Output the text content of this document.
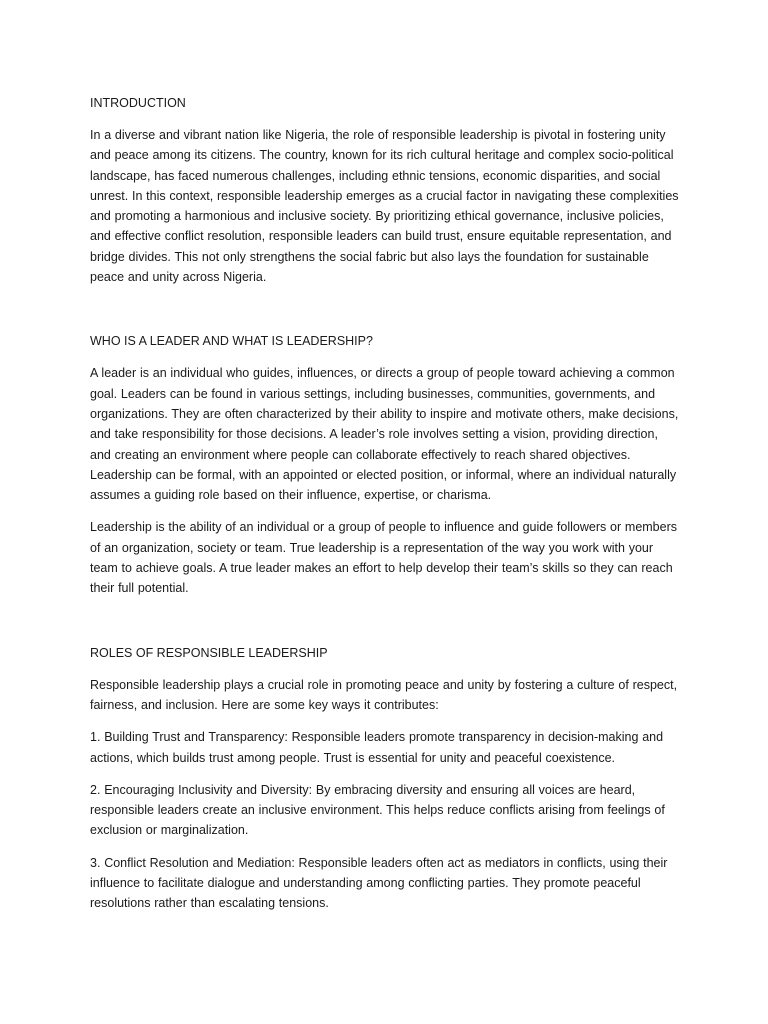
INTRODUCTION

In a diverse and vibrant nation like Nigeria, the role of responsible leadership is pivotal in fostering unity and peace among its citizens. The country, known for its rich cultural heritage and complex socio-political landscape, has faced numerous challenges, including ethnic tensions, economic disparities, and social unrest. In this context, responsible leadership emerges as a crucial factor in navigating these complexities and promoting a harmonious and inclusive society. By prioritizing ethical governance, inclusive policies, and effective conflict resolution, responsible leaders can build trust, ensure equitable representation, and bridge divides. This not only strengthens the social fabric but also lays the foundation for sustainable peace and unity across Nigeria.

WHO IS A LEADER AND WHAT IS LEADERSHIP?

A leader is an individual who guides, influences, or directs a group of people toward achieving a common goal. Leaders can be found in various settings, including businesses, communities, governments, and organizations. They are often characterized by their ability to inspire and motivate others, make decisions, and take responsibility for those decisions. A leader’s role involves setting a vision, providing direction, and creating an environment where people can collaborate effectively to reach shared objectives. Leadership can be formal, with an appointed or elected position, or informal, where an individual naturally assumes a guiding role based on their influence, expertise, or charisma.

Leadership is the ability of an individual or a group of people to influence and guide followers or members of an organization, society or team. True leadership is a representation of the way you work with your team to achieve goals. A true leader makes an effort to help develop their team’s skills so they can reach their full potential.

ROLES OF RESPONSIBLE LEADERSHIP

Responsible leadership plays a crucial role in promoting peace and unity by fostering a culture of respect, fairness, and inclusion. Here are some key ways it contributes:

1. Building Trust and Transparency: Responsible leaders promote transparency in decision-making and actions, which builds trust among people. Trust is essential for unity and peaceful coexistence.

2. Encouraging Inclusivity and Diversity: By embracing diversity and ensuring all voices are heard, responsible leaders create an inclusive environment. This helps reduce conflicts arising from feelings of exclusion or marginalization.

3. Conflict Resolution and Mediation: Responsible leaders often act as mediators in conflicts, using their influence to facilitate dialogue and understanding among conflicting parties. They promote peaceful resolutions rather than escalating tensions.
